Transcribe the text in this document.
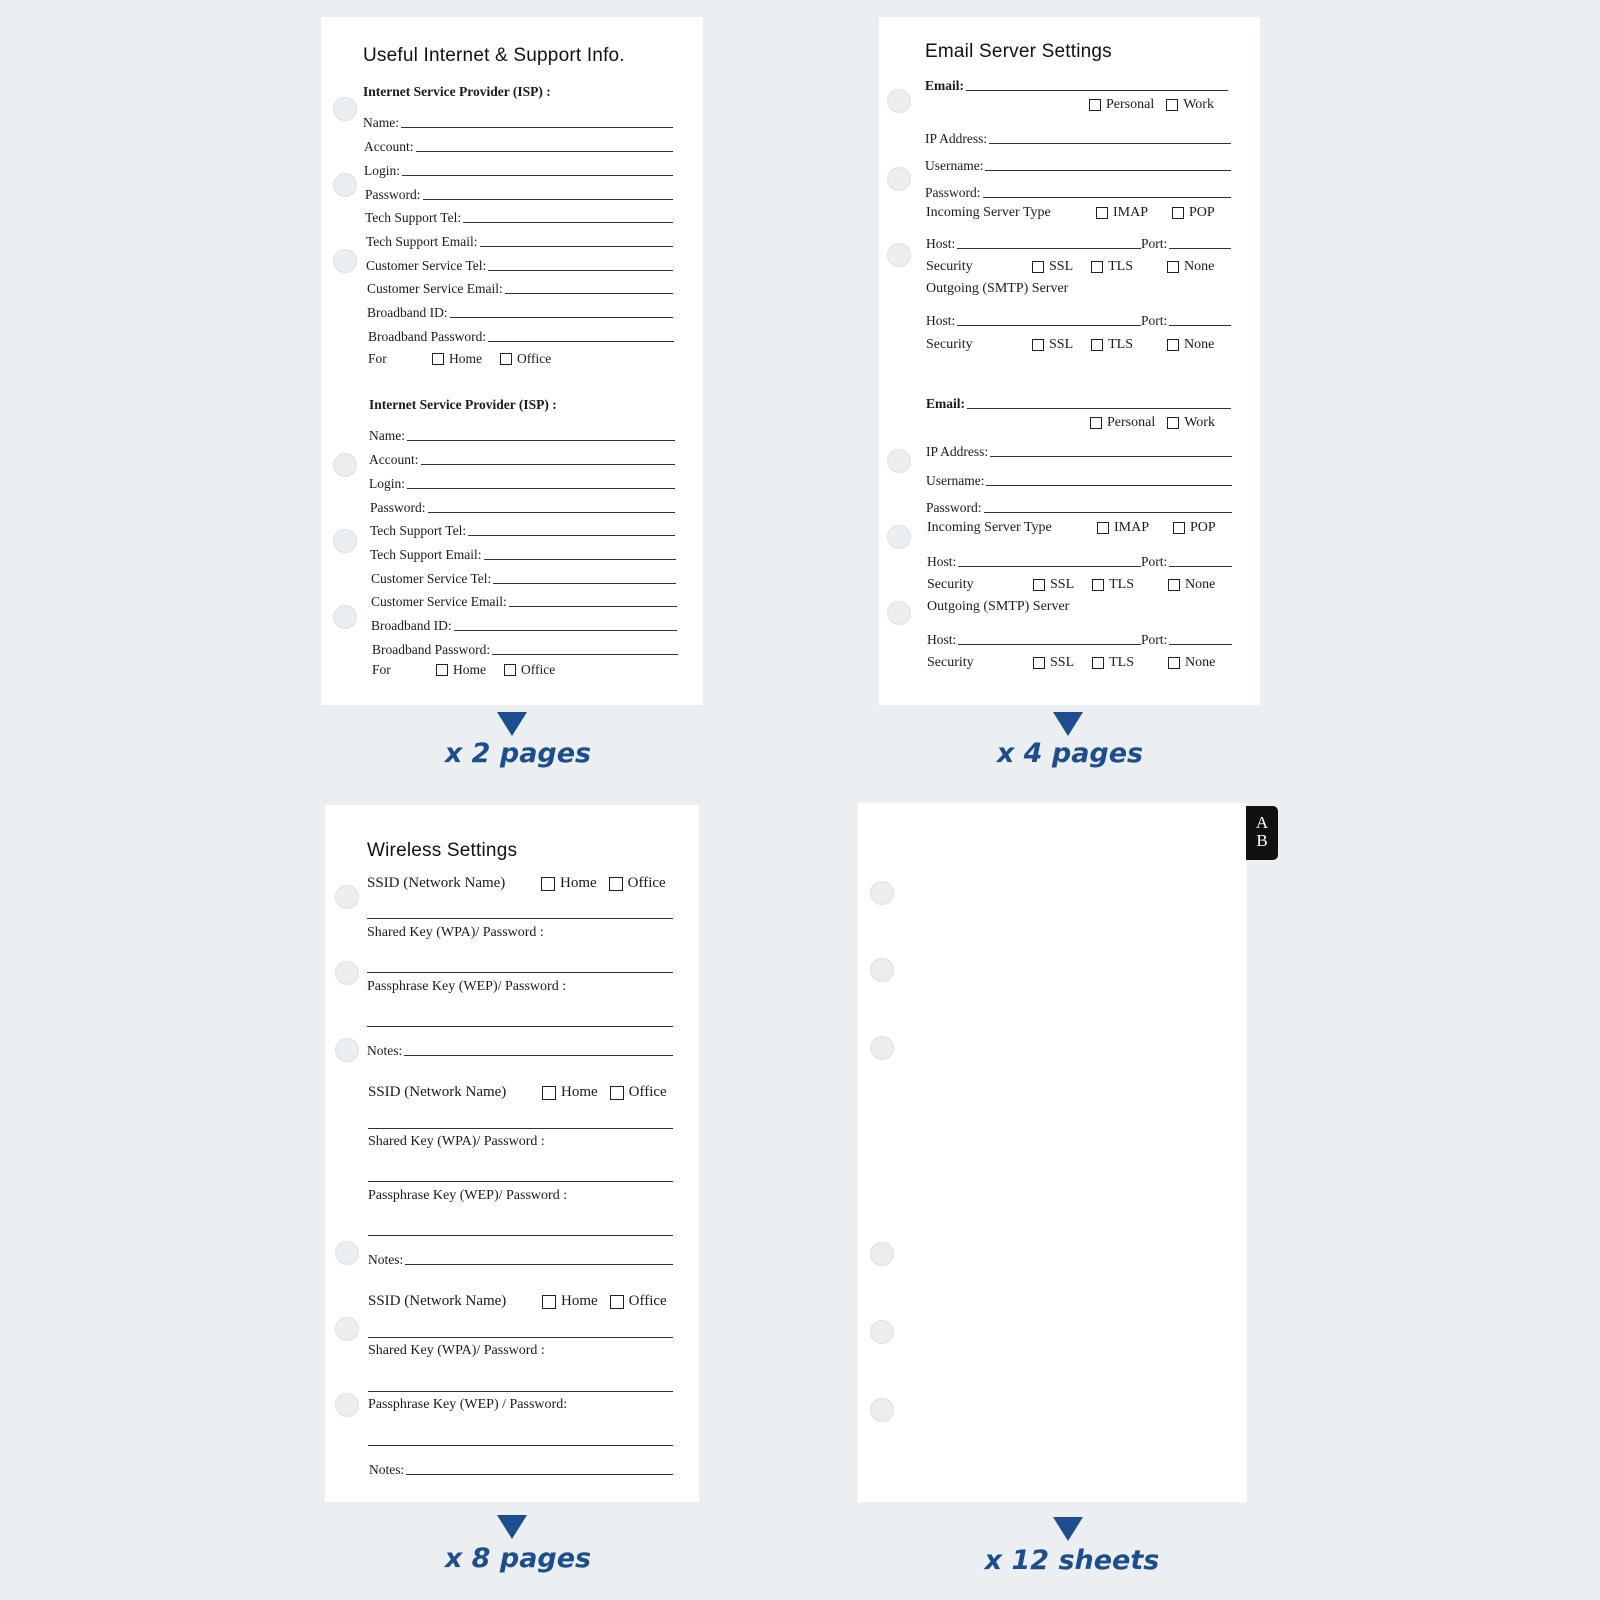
Useful Internet & Support Info.
Internet Service Provider (ISP) :
Name:
Account:
Login:
Password:
Tech Support Tel:
Tech Support Email:
Customer Service Tel:
Customer Service Email:
Broadband ID:
Broadband Password:
For	Home	Office
Internet Service Provider (ISP) :
Name:
Account:
Login:
Password:
Tech Support Tel:
Tech Support Email:
Customer Service Tel:
Customer Service Email:
Broadband ID:
Broadband Password:
For	Home	Office
Email Server Settings
Email:
Personal Work
IP Address:
Username:
Password:
Incoming Server Type	IMAP	POP
Host:	Port:
Security	SSL	TLS	None
Outgoing (SMTP) Server
Host:	Port:
Security	SSL	TLS	None
Email:
Personal Work
IP Address:
Username:
Password:
Incoming Server Type	IMAP	POP
Host:	Port:
Security	SSL	TLS	None
Outgoing (SMTP) Server
Host:	Port:
Security	SSL	TLS	None
Wireless Settings
SSID (Network Name)	Home Office
Shared Key (WPA)/ Password :
Passphrase Key (WEP)/ Password :
Notes:
SSID (Network Name)	Home Office
Shared Key (WPA)/ Password :
Passphrase Key (WEP)/ Password :
Notes:
SSID (Network Name)	Home Office
Shared Key (WPA)/ Password :
Passphrase Key (WEP) / Password:
Notes:
A
B
x 2 pages	x 4 pages
x 8 pages	x 12 sheets
